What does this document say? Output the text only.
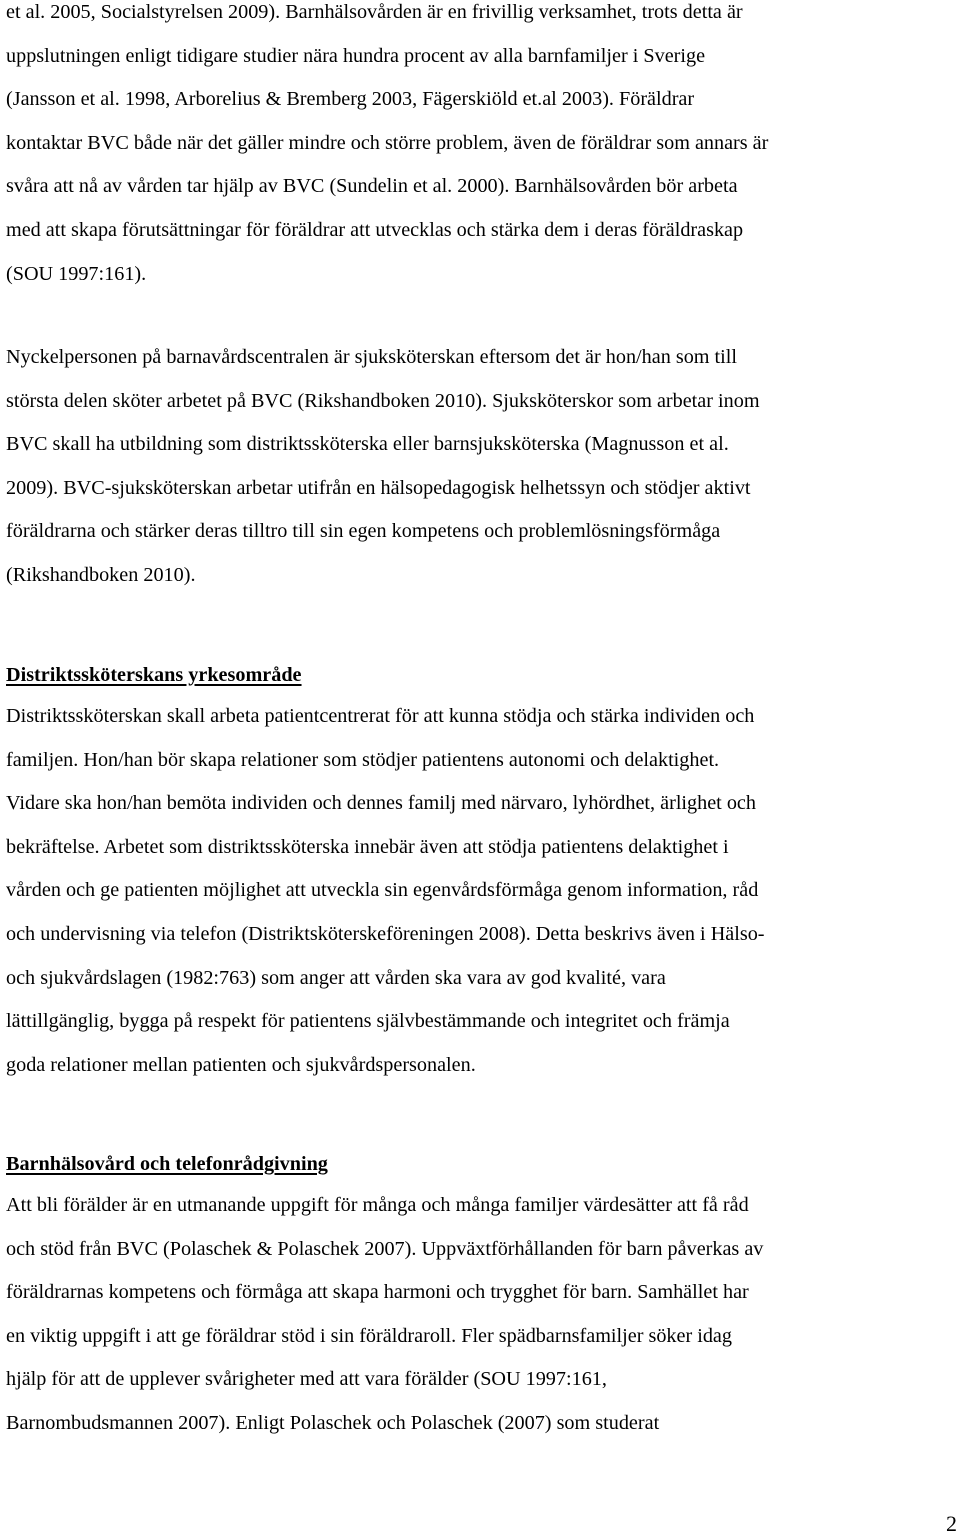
et al. 2005, Socialstyrelsen 2009). Barnhälsovården är en frivillig verksamhet, trots detta är
uppslutningen enligt tidigare studier nära hundra procent av alla barnfamiljer i Sverige
(Jansson et al. 1998, Arborelius & Bremberg 2003, Fägerskiöld et.al 2003). Föräldrar
kontaktar BVC både när det gäller mindre och större problem, även de föräldrar som annars är
svåra att nå av vården tar hjälp av BVC (Sundelin et al. 2000). Barnhälsovården bör arbeta
med att skapa förutsättningar för föräldrar att utvecklas och stärka dem i deras föräldraskap
(SOU 1997:161).

Nyckelpersonen på barnavårdscentralen är sjuksköterskan eftersom det är hon/han som till
största delen sköter arbetet på BVC (Rikshandboken 2010). Sjuksköterskor som arbetar inom
BVC skall ha utbildning som distriktssköterska eller barnsjuksköterska (Magnusson et al.
2009). BVC-sjuksköterskan arbetar utifrån en hälsopedagogisk helhetssyn och stödjer aktivt
föräldrarna och stärker deras tilltro till sin egen kompetens och problemlösningsförmåga
(Rikshandboken 2010).

Distriktssköterskans yrkesområde

Distriktssköterskan skall arbeta patientcentrerat för att kunna stödja och stärka individen och
familjen. Hon/han bör skapa relationer som stödjer patientens autonomi och delaktighet.
Vidare ska hon/han bemöta individen och dennes familj med närvaro, lyhördhet, ärlighet och
bekräftelse. Arbetet som distriktssköterska innebär även att stödja patientens delaktighet i
vården och ge patienten möjlighet att utveckla sin egenvårdsförmåga genom information, råd
och undervisning via telefon (Distriktsköterskeföreningen 2008). Detta beskrivs även i Hälso-
och sjukvårdslagen (1982:763) som anger att vården ska vara av god kvalité, vara
lättillgänglig, bygga på respekt för patientens självbestämmande och integritet och främja
goda relationer mellan patienten och sjukvårdspersonalen.

Barnhälsovård och telefonrådgivning

Att bli förälder är en utmanande uppgift för många och många familjer värdesätter att få råd
och stöd från BVC (Polaschek & Polaschek 2007). Uppväxtförhållanden för barn påverkas av
föräldrarnas kompetens och förmåga att skapa harmoni och trygghet för barn. Samhället har
en viktig uppgift i att ge föräldrar stöd i sin föräldraroll. Fler spädbarnsfamiljer söker idag
hjälp för att de upplever svårigheter med att vara förälder (SOU 1997:161,
Barnombudsmannen 2007). Enligt Polaschek och Polaschek (2007) som studerat

2
